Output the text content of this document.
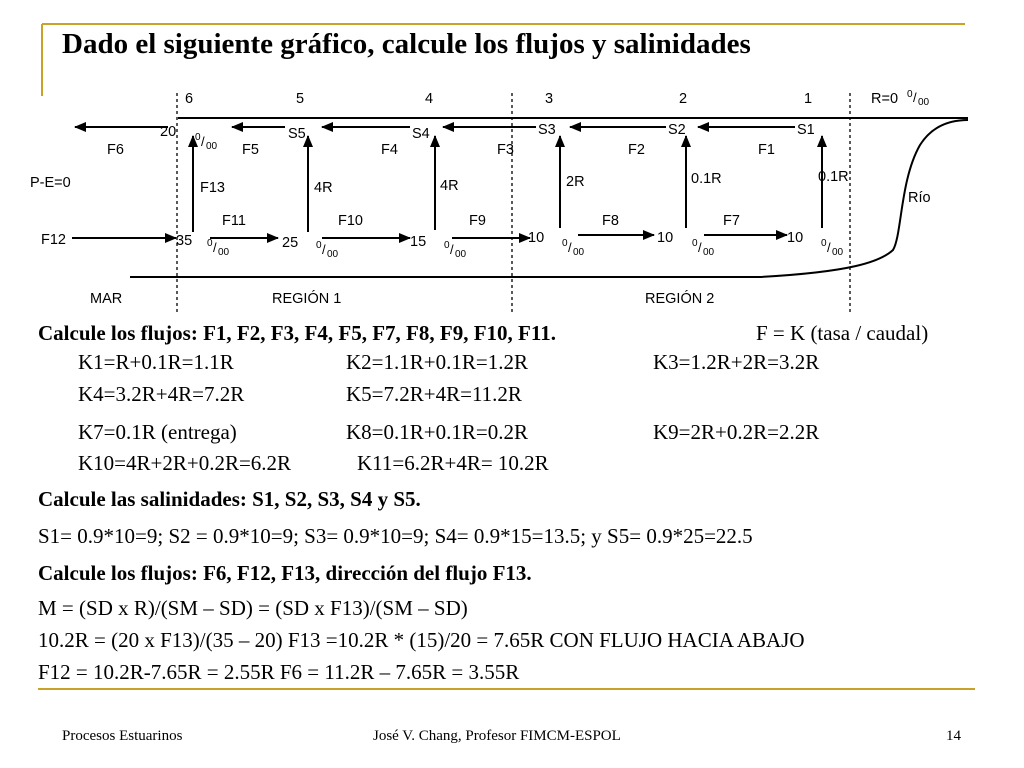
Dado el siguiente gráfico, calcule los flujos y salinidades
6	5	4	3	2	1	R=0 0 / 00
20	S5	S4	S3	S2	S1
0 / 00
F6	F5	F4	F3	F2	F1
P-E=0	F13	4R	4R	2R	0.1R	0.1R
Río
F12
F11	F10	F9	F8	F7
35	25	15	10	10	10
0 / 00
0 / 00
0 / 00
0 / 00
0 / 00
0 / 00
MAR	REGIÓN 1	REGIÓN 2
Calcule los flujos: F1, F2, F3, F4, F5, F7, F8, F9, F10, F11.	F = K (tasa / caudal)
K1=R+0.1R=1.1R	K2=1.1R+0.1R=1.2R	K3=1.2R+2R=3.2R
K4=3.2R+4R=7.2R	K5=7.2R+4R=11.2R
K7=0.1R (entrega)	K8=0.1R+0.1R=0.2R	K9=2R+0.2R=2.2R
K10=4R+2R+0.2R=6.2R	K11=6.2R+4R= 10.2R
Calcule las salinidades: S1, S2, S3, S4 y S5.
S1= 0.9*10=9; S2 = 0.9*10=9; S3= 0.9*10=9; S4= 0.9*15=13.5; y S5= 0.9*25=22.5
Calcule los flujos: F6, F12, F13, dirección del flujo F13.
M = (SD x R)/(SM – SD) = (SD x F13)/(SM – SD)
10.2R = (20 x F13)/(35 – 20) F13 =10.2R * (15)/20 = 7.65R CON FLUJO HACIA ABAJO
F12 = 10.2R-7.65R = 2.55R F6 = 11.2R – 7.65R = 3.55R
Procesos Estuarinos	José V. Chang, Profesor FIMCM-ESPOL	14
